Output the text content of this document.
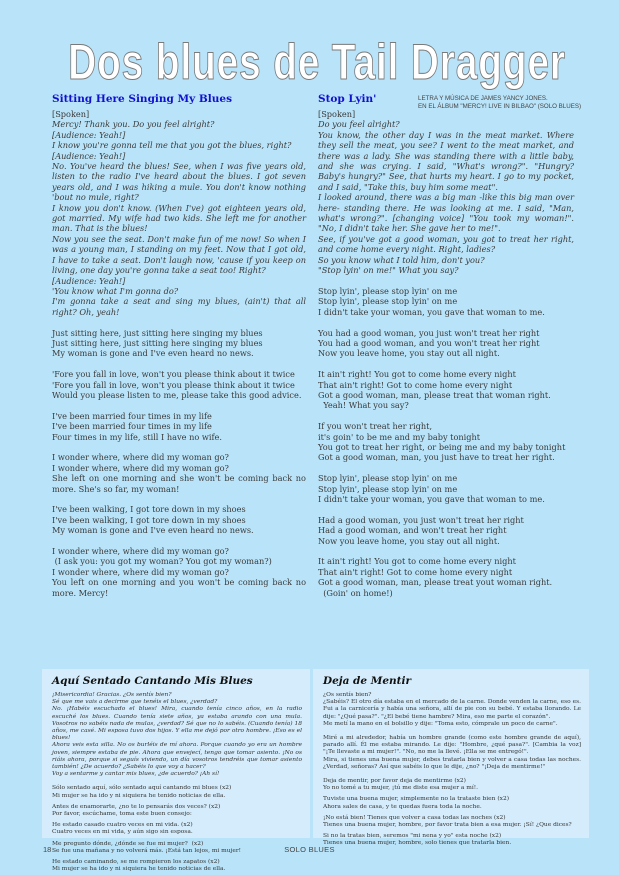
Dos blues de Tail Dragger
LETRA Y MÚSICA DE JAMES YANCY JONES.
EN EL ÁLBUM "MERCY! LIVE IN BILBAO" (SOLO BLUES)
Sitting Here Singing My Blues

[Spoken]

Mercy! Thank you. Do you feel alright?

[Audience: Yeah!]

I know you're gonna tell me that you got the blues, right?

[Audience: Yeah!]

No. You've heard the blues! See, when I was five years old, listen to the radio I've heard about the blues. I got seven years old, and I was hiking a mule. You don't know nothing 'bout no mule, right?

I know you don't know. (When I've) got eighteen years old, got married. My wife had two kids. She left me for another man. That is the blues!

Now you see the seat. Don't make fun of me now! So when I was a young man, I standing on my feet. Now that I got old, I have to take a seat. Don't laugh now, 'cause if you keep on living, one day you're gonna take a seat too! Right?

[Audience: Yeah!]

'You know what I'm gonna do?

I'm gonna take a seat and sing my blues, (ain't) that all right? Oh, yeah!

Just sitting here, just sitting here singing my blues

Just sitting here, just sitting here singing my blues

My woman is gone and I've even heard no news.

'Fore you fall in love, won't you please think about it twice

'Fore you fall in love, won't you please think about it twice

Would you please listen to me, please take this good advice.

I've been married four times in my life

I've been married four times in my life

Four times in my life, still I have no wife.

I wonder where, where did my woman go?

I wonder where, where did my woman go?

She left on one morning and she won't be coming back no more. She's so far, my woman!

I've been walking, I got tore down in my shoes

I've been walking, I got tore down in my shoes

My woman is gone and I've even heard no news.

I wonder where, where did my woman go?

(I ask you: you got my woman? You got my woman?)

I wonder where, where did my woman go?

You left on one morning and you won't be coming back no more. Mercy!

Stop Lyin'

[Spoken]

Do you feel alright?

You know, the other day I was in the meat market. Where they sell the meat, you see? I went to the meat market, and there was a lady. She was standing there with a little baby, and she was crying. I said, "What's wrong?". "Hungry? Baby's hungry?" See, that hurts my heart. I go to my pocket, and I said, "Take this, buy him some meat".

I looked around, there was a big man -like this big man over here- standing there. He was looking at me. I said, "Man, what's wrong?". [changing voice] "You took my woman!". "No, I didn't take her. She gave her to me!".

See, if you've got a good woman, you got to treat her right, and come home every night. Right, ladies?

So you know what I told him, don't you?

"Stop lyin' on me!" What you say?

Stop lyin', please stop lyin' on me

Stop lyin', please stop lyin' on me

I didn't take your woman, you gave that woman to me.

You had a good woman, you just won't treat her right

You had a good woman, and you won't treat her right

Now you leave home, you stay out all night.

It ain't right! You got to come home every night

That ain't right! Got to come home every night

Got a good woman, man, please treat that woman right.

Yeah! What you say?

If you won't treat her right,

it's goin' to be me and my baby tonight

You got to treat her right, or being me and my baby tonight

Got a good woman, man, you just have to treat her right.

Stop lyin', please stop lyin' on me

Stop lyin', please stop lyin' on me

I didn't take your woman, you gave that woman to me.

Had a good woman, you just won't treat her right

Had a good woman, and won't treat her right

Now you leave home, you stay out all night.

It ain't right! You got to come home every night

That ain't right! Got to come home every night

Got a good woman, man, please treat yout woman right.

(Goin' on home!)

Aquí Sentado Cantando Mis Blues

¡Misericordia! Gracias. ¿Os sentís bien?

Sé que me vais a decirme que tenéis el blues, ¿verdad?

No. ¡Habéis escuchado el blues! Mira, cuando tenía cinco años, en la radio escuché los blues. Cuando tenía siete años, ya estaba arando con una mula. Vosotros no sabéis nada de mulas, ¿verdad? Sé que no lo sabéis. (Cuando tenía) 18 años, me casé. Mi esposa tuvo dos hijos. Y ella me dejó por otro hombre. ¡Eso es el blues!

Ahora veis esta silla. No os burléis de mí ahora. Porque cuando yo era un hombre joven, siempre estaba de pie. Ahora que envejecí, tengo que tomar asiento. ¡No os riáis ahora, porque si seguís viviendo, un día vosotros tendréis que tomar asiento también! ¿De acuerdo? ¿Sabéis lo que voy a hacer?

Voy a sentarme y cantar mis blues, ¿de acuerdo? ¡Ah sí!

Sólo sentado aquí, sólo sentado aquí cantando mi blues (x2)

Mi mujer se ha ido y ni siquiera he tenido noticias de ella.

Antes de enamorarte, ¿no te lo pensarás dos veces? (x2)

Por favor, escúchame, toma este buen consejo:

He estado casado cuatro veces en mi vida. (x2)

Cuatro veces en mi vida, y aún sigo sin esposa.

Me pregunto dónde, ¿dónde se fue mi mujer?  (x2)

Se fue una mañana y no volverá más. ¡Está tan lejos, mi mujer!

He estado caminando, se me rompieron los zapatos (x2)

Mi mujer se ha ido y ni siquiera he tenido noticias de ella.

Deja de Mentir

¿Os sentís bien?

¿Sabéis? El otro día estaba en el mercado de la carne. Donde venden la carne, eso es. Fui a la carnicería y había una señora, allí de pie con su bebé. Y estaba llorando. Le dije: "¿Qué pasa?". "¿El bebé tiene hambre? Mira, eso me parte el corazón".

Me metí la mano en el bolsillo y dije: "Toma esto, cómprale un poco de carne".

Miré a mi alrededor, había un hombre grande (como este hombre grande de aquí), parado allí. Él me estaba mirando. Le dije: "Hombre, ¿qué pasa?". [Cambia la voz] "¡Te llevaste a mi mujer!". "No, no me la llevé. ¡Ella se me entregó!".

Mira, si tienes una buena mujer, debes tratarla bien y volver a casa todas las noches. ¿Verdad, señoras? Así que sabéis lo que le dije, ¿no? "¡Deja de mentirme!"

Deja de mentir, por favor deja de mentirme (x2)

Yo no tomé a tu mujer, ¡tú me diste esa mujer a mí!.

Tuviste una buena mujer, simplemente no la trataste bien (x2)

Ahora sales de casa, y te quedas fuera toda la noche.

¡No está bien! Tienes que volver a casa todas las noches (x2)

Tienes una buena mujer, hombre, por favor trata bien a esa mujer. ¡Sí! ¿Que dices?

Si no la tratas bien, seremos "mi nena y yo" esta noche (x2)

Tienes una buena mujer, hombre, solo tienes que tratarla bien.

18	SOLO BLUES
